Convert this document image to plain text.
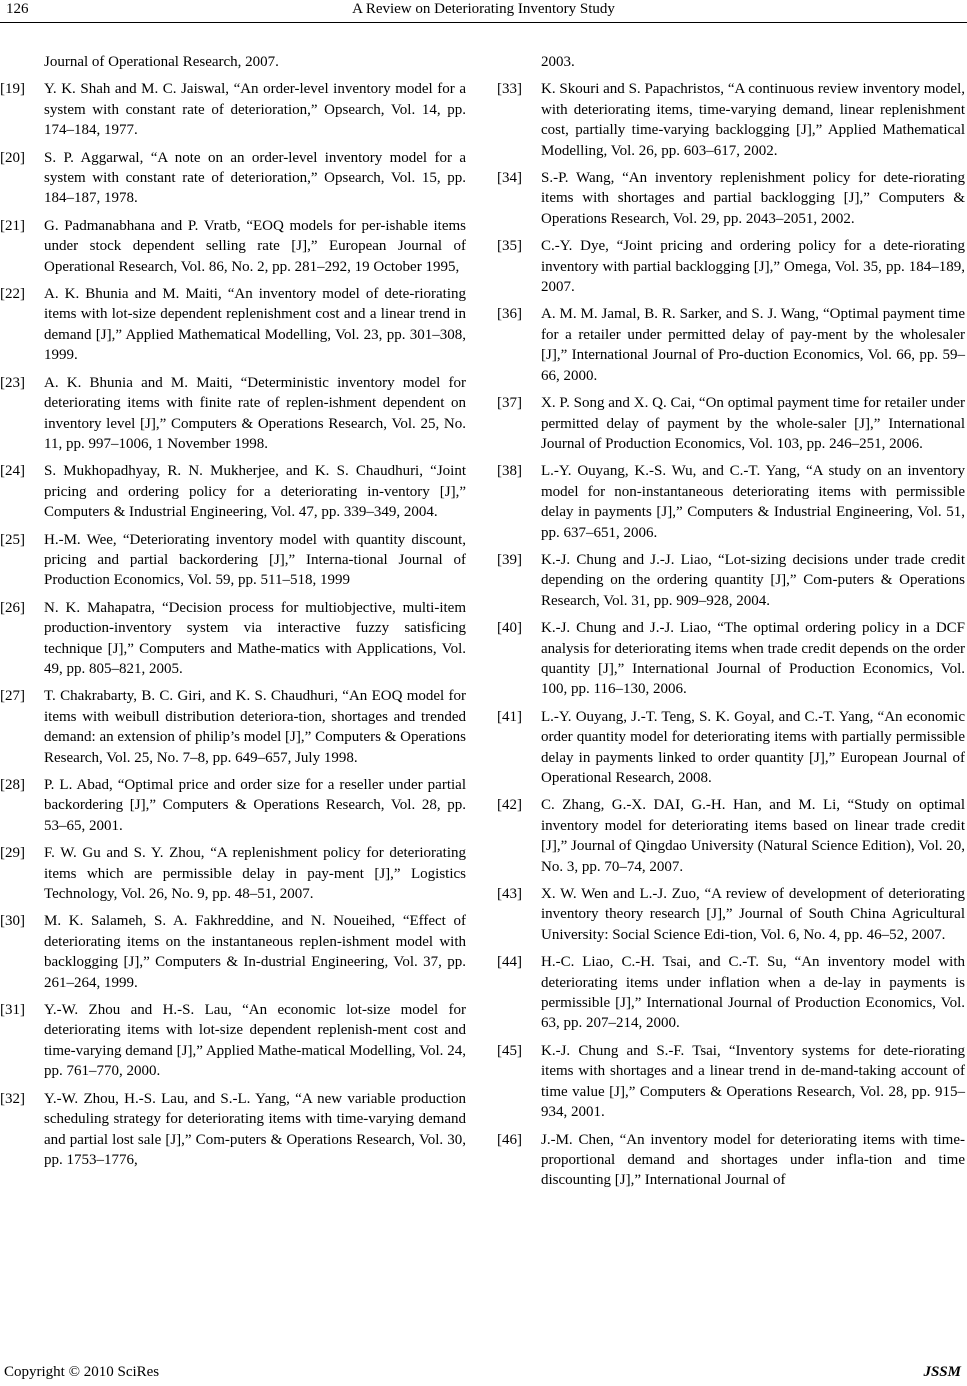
126	A Review on Deteriorating Inventory Study
Journal of Operational Research, 2007.
[19] Y. K. Shah and M. C. Jaiswal, “An order-level inventory model for a system with constant rate of deterioration,” Opsearch, Vol. 14, pp. 174–184, 1977.
[20] S. P. Aggarwal, “A note on an order-level inventory model for a system with constant rate of deterioration,” Opsearch, Vol. 15, pp. 184–187, 1978.
[21] G. Padmanabhana and P. Vratb, “EOQ models for per-ishable items under stock dependent selling rate [J],” European Journal of Operational Research, Vol. 86, No. 2, pp. 281–292, 19 October 1995,
[22] A. K. Bhunia and M. Maiti, “An inventory model of dete-riorating items with lot-size dependent replenishment cost and a linear trend in demand [J],” Applied Mathematical Modelling, Vol. 23, pp. 301–308, 1999.
[23] A. K. Bhunia and M. Maiti, “Deterministic inventory model for deteriorating items with finite rate of replen-ishment dependent on inventory level [J],” Computers & Operations Research, Vol. 25, No. 11, pp. 997–1006, 1 November 1998.
[24] S. Mukhopadhyay, R. N. Mukherjee, and K. S. Chaudhuri, “Joint pricing and ordering policy for a deteriorating in-ventory [J],” Computers & Industrial Engineering, Vol. 47, pp. 339–349, 2004.
[25] H.-M. Wee, “Deteriorating inventory model with quantity discount, pricing and partial backordering [J],” Interna-tional Journal of Production Economics, Vol. 59, pp. 511–518, 1999
[26] N. K. Mahapatra, “Decision process for multiobjective, multi-item production-inventory system via interactive fuzzy satisficing technique [J],” Computers and Mathe-matics with Applications, Vol. 49, pp. 805–821, 2005.
[27] T. Chakrabarty, B. C. Giri, and K. S. Chaudhuri, “An EOQ model for items with weibull distribution deteriora-tion, shortages and trended demand: an extension of philip’s model [J],” Computers & Operations Research, Vol. 25, No. 7–8, pp. 649–657, July 1998.
[28] P. L. Abad, “Optimal price and order size for a reseller under partial backordering [J],” Computers & Operations Research, Vol. 28, pp. 53–65, 2001.
[29] F. W. Gu and S. Y. Zhou, “A replenishment policy for deteriorating items which are permissible delay in pay-ment [J],” Logistics Technology, Vol. 26, No. 9, pp. 48–51, 2007.
[30] M. K. Salameh, S. A. Fakhreddine, and N. Noueihed, “Effect of deteriorating items on the instantaneous replen-ishment model with backlogging [J],” Computers & In-dustrial Engineering, Vol. 37, pp. 261–264, 1999.
[31] Y.-W. Zhou and H.-S. Lau, “An economic lot-size model for deteriorating items with lot-size dependent replenish-ment cost and time-varying demand [J],” Applied Mathe-matical Modelling, Vol. 24, pp. 761–770, 2000.
[32] Y.-W. Zhou, H.-S. Lau, and S.-L. Yang, “A new variable production scheduling strategy for deteriorating items with time-varying demand and partial lost sale [J],” Com-puters & Operations Research, Vol. 30, pp. 1753–1776,
2003.
[33] K. Skouri and S. Papachristos, “A continuous review inventory model, with deteriorating items, time-varying demand, linear replenishment cost, partially time-varying backlogging [J],” Applied Mathematical Modelling, Vol. 26, pp. 603–617, 2002.
[34] S.-P. Wang, “An inventory replenishment policy for dete-riorating items with shortages and partial backlogging [J],” Computers & Operations Research, Vol. 29, pp. 2043–2051, 2002.
[35] C.-Y. Dye, “Joint pricing and ordering policy for a dete-riorating inventory with partial backlogging [J],” Omega, Vol. 35, pp. 184–189, 2007.
[36] A. M. M. Jamal, B. R. Sarker, and S. J. Wang, “Optimal payment time for a retailer under permitted delay of pay-ment by the wholesaler [J],” International Journal of Pro-duction Economics, Vol. 66, pp. 59–66, 2000.
[37] X. P. Song and X. Q. Cai, “On optimal payment time for retailer under permitted delay of payment by the whole-saler [J],” International Journal of Production Economics, Vol. 103, pp. 246–251, 2006.
[38] L.-Y. Ouyang, K.-S. Wu, and C.-T. Yang, “A study on an inventory model for non-instantaneous deteriorating items with permissible delay in payments [J],” Computers & Industrial Engineering, Vol. 51, pp. 637–651, 2006.
[39] K.-J. Chung and J.-J. Liao, “Lot-sizing decisions under trade credit depending on the ordering quantity [J],” Com-puters & Operations Research, Vol. 31, pp. 909–928, 2004.
[40] K.-J. Chung and J.-J. Liao, “The optimal ordering policy in a DCF analysis for deteriorating items when trade credit depends on the order quantity [J],” International Journal of Production Economics, Vol. 100, pp. 116–130, 2006.
[41] L.-Y. Ouyang, J.-T. Teng, S. K. Goyal, and C.-T. Yang, “An economic order quantity model for deteriorating items with partially permissible delay in payments linked to order quantity [J],” European Journal of Operational Research, 2008.
[42] C. Zhang, G.-X. DAI, G.-H. Han, and M. Li, “Study on optimal inventory model for deteriorating items based on linear trade credit [J],” Journal of Qingdao University (Natural Science Edition), Vol. 20, No. 3, pp. 70–74, 2007.
[43] X. W. Wen and L.-J. Zuo, “A review of development of deteriorating inventory theory research [J],” Journal of South China Agricultural University: Social Science Edi-tion, Vol. 6, No. 4, pp. 46–52, 2007.
[44] H.-C. Liao, C.-H. Tsai, and C.-T. Su, “An inventory model with deteriorating items under inflation when a de-lay in payments is permissible [J],” International Journal of Production Economics, Vol. 63, pp. 207–214, 2000.
[45] K.-J. Chung and S.-F. Tsai, “Inventory systems for dete-riorating items with shortages and a linear trend in de-mand-taking account of time value [J],” Computers & Operations Research, Vol. 28, pp. 915–934, 2001.
[46] J.-M. Chen, “An inventory model for deteriorating items with time-proportional demand and shortages under infla-tion and time discounting [J],” International Journal of
Copyright © 2010 SciRes	JSSM
